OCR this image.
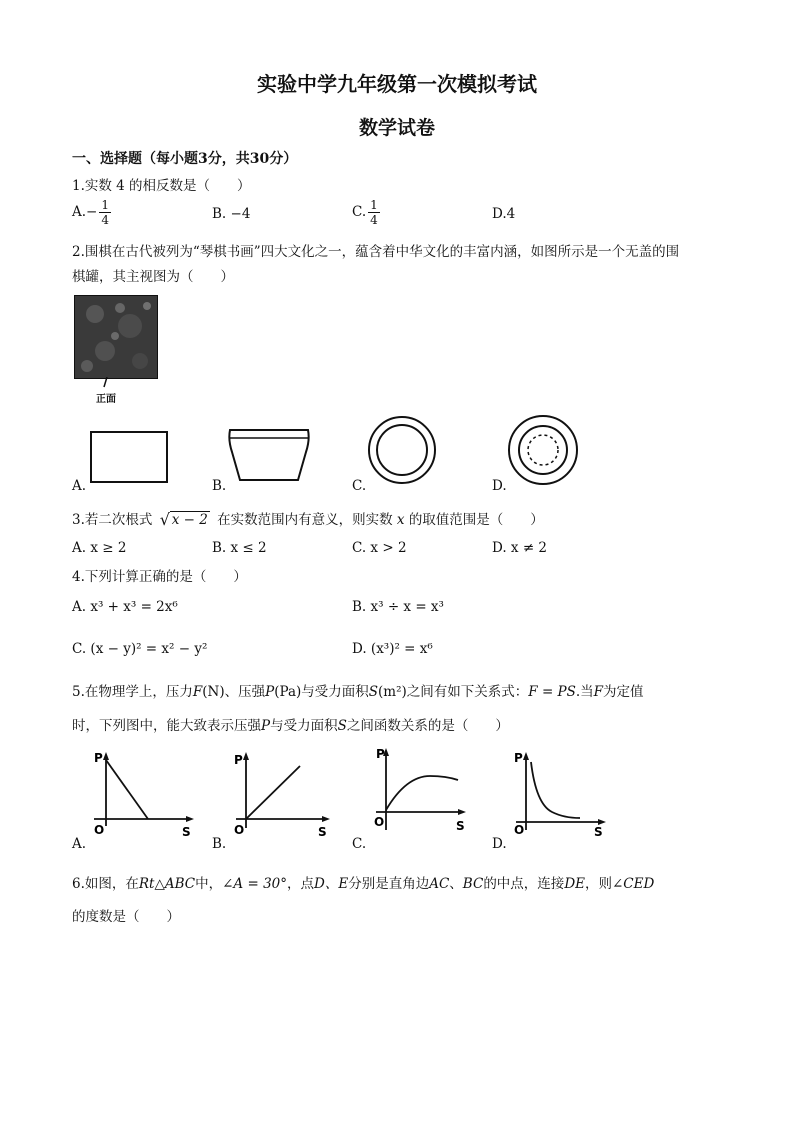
实验中学九年级第一次模拟考试
数学试卷
一、选择题（每小题3分，共30分）
1.实数 4 的相反数是（　　）
$A.- \frac{1}{4}$	B. −4	C. $\frac{1}{4}$	D.4
2.围棋在古代被列为“琴棋书画”四大文化之一，蕴含着中华文化的丰富内涵，如图所示是一个无盖的围
棋罐，其主视图为（　　）
正面
A.	B.	C.	D.
3.若二次根式 √ x − 2 在实数范围内有意义，则实数 x 的取值范围是（　　）
A. x ≥ 2	B. x ≤ 2	C. x > 2	D. x ≠ 2
4.下列计算正确的是（　　）
A. x³ + x³ = 2x⁶	B. x³ ÷ x = x³
C. (x − y)² = x² − y²	D. (x³)² = x⁶
5.在物理学上，压力F(N)、压强P(Pa)与受力面积S(m²)之间有如下关系式：F = PS.当F为定值
时，下列图中，能大致表示压强P与受力面积S之间函数关系的是（　　）
P
S
O
P
S
O
P
S
O
P
S
O
A.	B.	C.	D.
6.如图，在Rt△ABC中，∠A = 30°，点D、E分别是直角边AC、BC的中点，连接DE，则∠CED
的度数是（　　）
